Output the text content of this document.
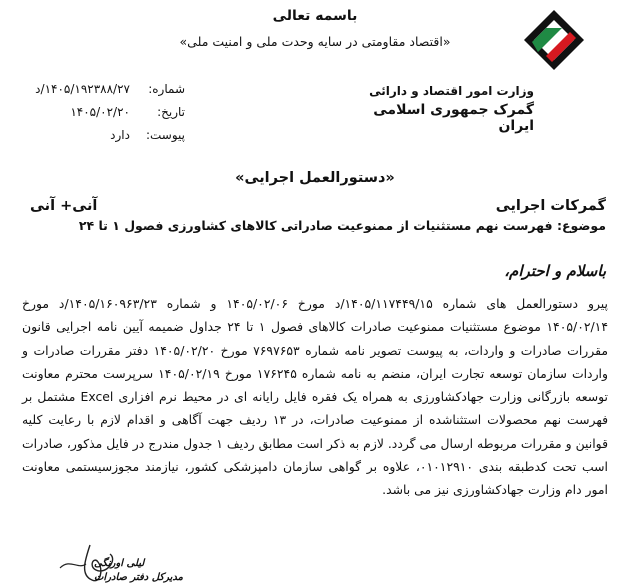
باسمه تعالی
«اقتصاد مقاومتی در سایه وحدت ملی و امنیت ملی»
وزارت امور اقتصاد و دارائی
گمرک جمهوری اسلامی ایران
شماره:
۱۴۰۵/۱۹۲۳۸۸/۲۷/د
تاریخ:
۱۴۰۵/۰۲/۲۰
پیوست:
دارد
«دستورالعمل اجرایی»
گمرکات اجرایی
آنی+ آنی
موضوع: فهرست نهم مستثنیات از ممنوعیت صادراتی کالاهای کشاورزی فصول ۱ تا ۲۴
باسلام و احترام،
پیرو دستورالعمل های شماره ۱۴۰۵/۱۱۷۴۴۹/۱۵/د مورخ ۱۴۰۵/۰۲/۰۶ و شماره ۱۴۰۵/۱۶۰۹۶۳/۲۳/د مورخ ۱۴۰۵/۰۲/۱۴ موضوع مستثنیات ممنوعیت صادرات کالاهای فصول ۱ تا ۲۴ جداول ضمیمه آیین نامه اجرایی قانون مقررات صادرات و واردات، به پیوست تصویر نامه شماره ۷۶۹۷۶۵۳ مورخ ۱۴۰۵/۰۲/۲۰ دفتر مقررات صادرات و واردات سازمان توسعه تجارت ایران، منضم به نامه شماره ۱۷۶۲۴۵ مورخ ۱۴۰۵/۰۲/۱۹ سرپرست محترم معاونت توسعه بازرگانی وزارت جهادکشاورزی به همراه یک فقره فایل رایانه ای در محیط نرم افزاری Excel مشتمل بر فهرست نهم محصولات استثناشده از ممنوعیت صادرات، در ۱۳ ردیف جهت آگاهی و اقدام لازم با رعایت کلیه قوانین و مقررات مربوطه ارسال می گردد. لازم به ذکر است مطابق ردیف ۱ جدول مندرج در فایل مذکور، صادرات اسب تحت کدطبقه بندی ۰۱۰۱۲۹۱۰، علاوه بر گواهی سازمان دامپزشکی کشور، نیازمند مجوزسیستمی معاونت امور دام وزارت جهادکشاورزی نیز می باشد.
لیلی اورنگی
مدیرکل دفتر صادرات
